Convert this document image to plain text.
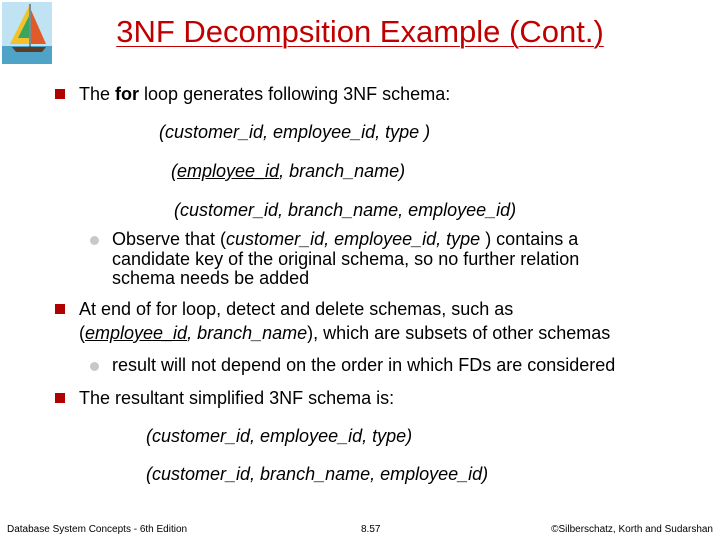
3NF Decompsition Example (Cont.)
The for loop generates following 3NF schema:
(customer_id, employee_id, type )
(employee_id, branch_name)
(customer_id, branch_name, employee_id)
Observe that (customer_id, employee_id, type ) contains a
candidate key of the original schema, so no further relation
schema needs be added
At end of for loop, detect and delete schemas, such as
(employee_id, branch_name), which are subsets of other schemas
result will not depend on the order in which FDs are considered
The resultant simplified 3NF schema is:
(customer_id, employee_id, type)
(customer_id, branch_name, employee_id)
Database System Concepts - 6th Edition	8.57	©Silberschatz, Korth and Sudarshan
